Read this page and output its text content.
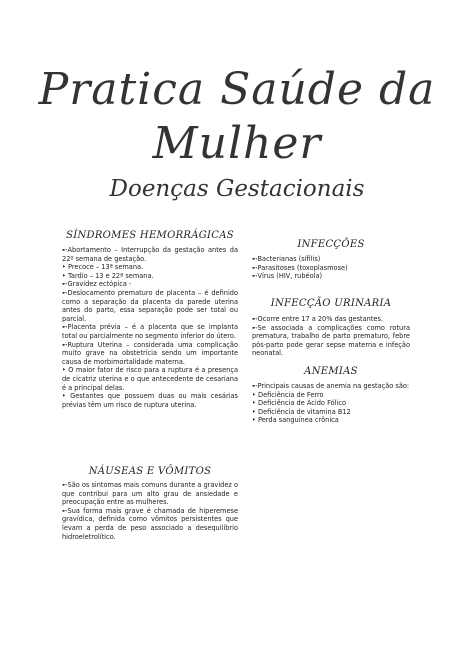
Pratica Saúde da
Mulher
Doenças Gestacionais
SÍNDROMES HEMORRÁGICAS

➸Abortamento – Interrupção da gestação antes da 22º semana de gestação.

‣ Precoce – 13ª semana.

‣ Tardio – 13 e 22ª semana.

➸Gravidez ectópica -

➸Deslocamento prematuro de placenta – é definido como a separação da placenta da parede uterina antes do parto, essa separação pode ser total ou parcial.

➸Placenta prévia – é a placenta que se implanta total ou parcialmente no segmento inferior do útero.

➸Ruptura Uterina – considerada uma complicação muito grave na obstetrícia sendo um importante causa de morbimortalidade materna.

‣ O maior fator de risco para a ruptura é a presença de cicatriz uterina e o que antecedente de cesariana é a principal delas.

‣ Gestantes que possuem duas ou mais cesárias prévias têm um risco de ruptura uterina.

NÁUSEAS E VÔMITOS

➸São os sintomas mais comuns durante a gravidez o que contribui para um alto grau de ansiedade e preocupação entre as mulheres.

➸Sua forma mais grave é chamada de hiperemese gravídica, definida como vômitos persistentes que levam a perda de peso associado a desequilíbrio hidroeletrolítico.

INFECÇÕES

➸Bacterianas (sífilis)

➸Parasitoses (toxoplasmose)

➸Vírus (HIV, rubéola)

INFECÇÃO URINARIA

➸Ocorre entre 17 a 20% das gestantes.

➸Se associada a complicações como rotura prematura, trabalho de parto prematuro, febre pós-parto pode gerar sepse materna e infeção neonatal.

ANEMIAS

➸Principais causas de anemia na gestação são:

‣ Deficiência de Ferro

‣ Deficiência de Ácido Fólico

‣ Deficiência de vitamina B12

‣ Perda sanguínea crônica
